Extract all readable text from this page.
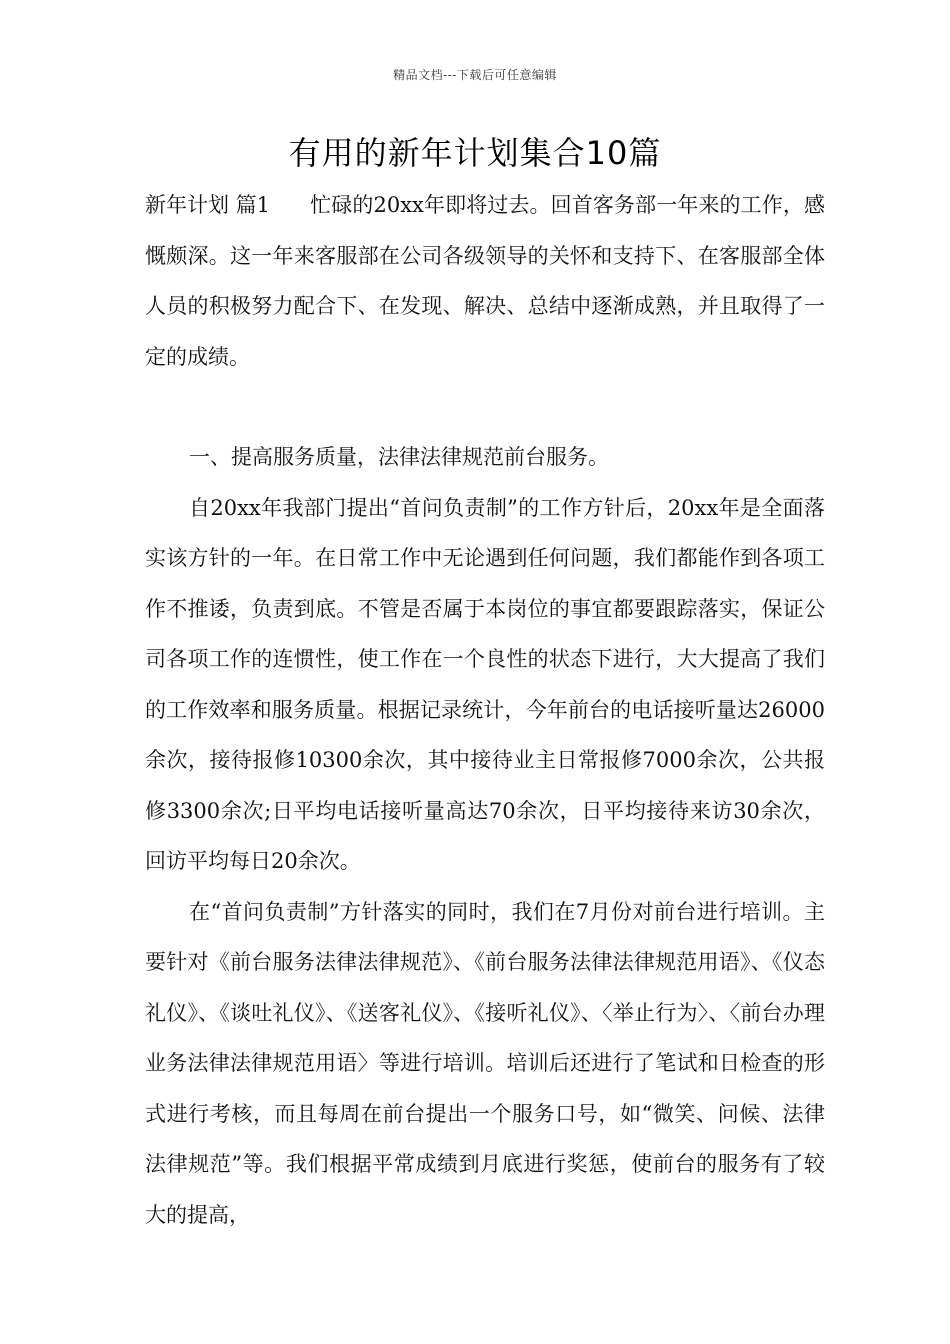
精品文档---下载后可任意编辑
有用的新年计划集合10篇

新年计划 篇1 忙碌的20xx年即将过去。回首客务部一年来的工作，感慨颇深。这一年来客服部在公司各级领导的关怀和支持下、在客服部全体人员的积极努力配合下、在发现、解决、总结中逐渐成熟，并且取得了一定的成绩。

一、提高服务质量，法律法律规范前台服务。

自20xx年我部门提出“首问负责制”的工作方针后，20xx年是全面落实该方针的一年。在日常工作中无论遇到任何问题，我们都能作到各项工作不推诿，负责到底。不管是否属于本岗位的事宜都要跟踪落实，保证公司各项工作的连惯性，使工作在一个良性的状态下进行，大大提高了我们的工作效率和服务质量。根据记录统计，今年前台的电话接听量达26000余次，接待报修10300余次，其中接待业主日常报修7000余次，公共报修3300余次;日平均电话接听量高达70余次，日平均接待来访30余次，回访平均每日20余次。

在“首问负责制”方针落实的同时，我们在7月份对前台进行培训。主要针对《前台服务法律法律规范》、《前台服务法律法律规范用语》、《仪态礼仪》、《谈吐礼仪》、《送客礼仪》、《接听礼仪》、〈举止行为〉、〈前台办理业务法律法律规范用语〉等进行培训。培训后还进行了笔试和日检查的形式进行考核，而且每周在前台提出一个服务口号，如“微笑、问候、法律法律规范”等。我们根据平常成绩到月底进行奖惩，使前台的服务有了较大的提高，
